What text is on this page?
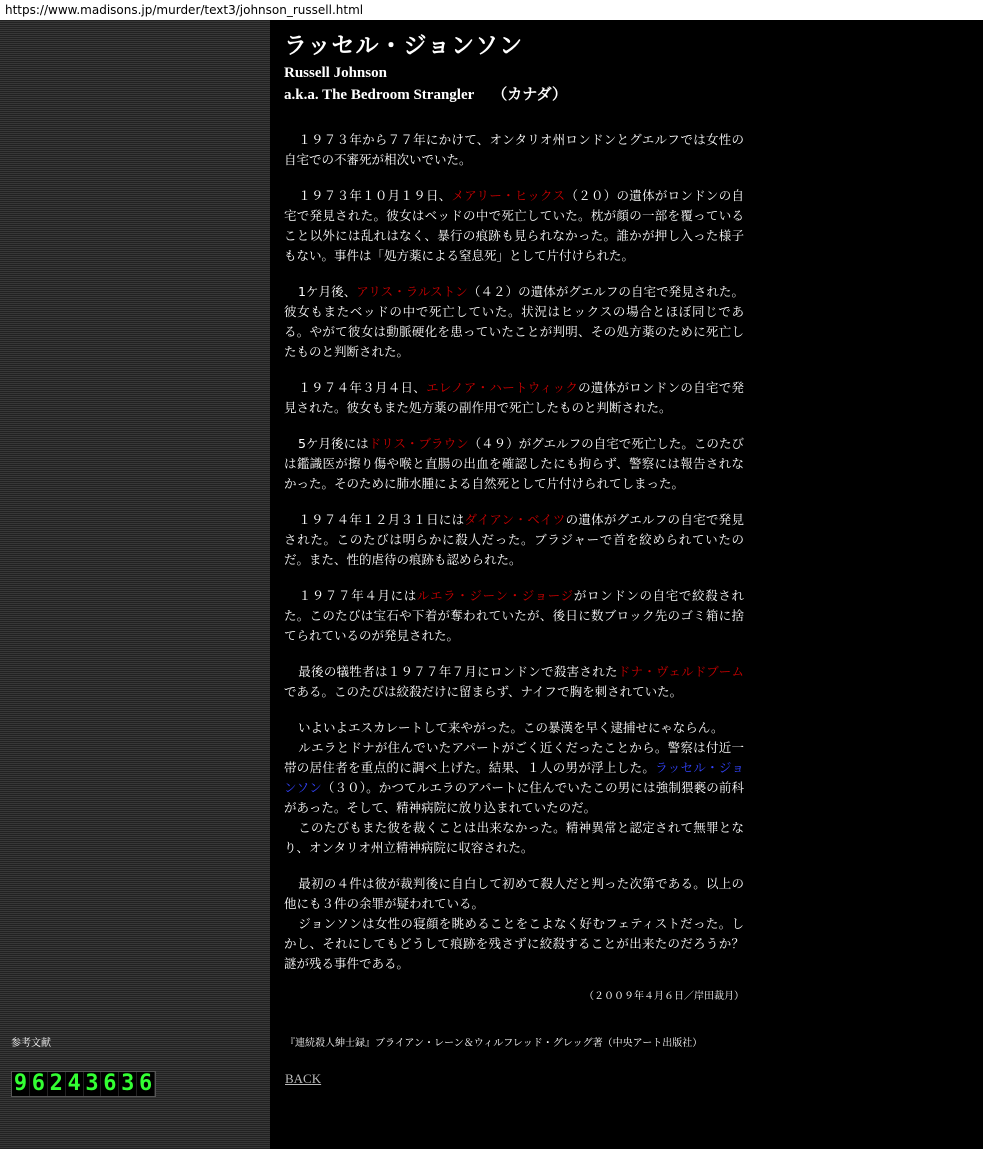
https://www.madisons.jp/murder/text3/johnson_russell.html
ラッセル・ジョンソン

Russell Johnson

a.k.a. The Bedroom Strangler （カナダ）

１９７３年から７７年にかけて、オンタリオ州ロンドンとグエルフでは女性の自宅での不審死が相次いでいた。

１９７３年１０月１９日、メアリー・ヒックス（２０）の遺体がロンドンの自宅で発見された。彼女はベッドの中で死亡していた。枕が顔の一部を覆っていること以外には乱れはなく、暴行の痕跡も見られなかった。誰かが押し入った様子もない。事件は「処方薬による窒息死」として片付けられた。

1ケ月後、アリス・ラルストン（４２）の遺体がグエルフの自宅で発見された。彼女もまたベッドの中で死亡していた。状況はヒックスの場合とほぼ同じである。やがて彼女は動脈硬化を患っていたことが判明、その処方薬のために死亡したものと判断された。

１９７４年３月４日、エレノア・ハートウィックの遺体がロンドンの自宅で発見された。彼女もまた処方薬の副作用で死亡したものと判断された。

5ケ月後にはドリス・ブラウン（４９）がグエルフの自宅で死亡した。このたびは鑑識医が擦り傷や喉と直腸の出血を確認したにも拘らず、警察には報告されなかった。そのために肺水腫による自然死として片付けられてしまった。

１９７４年１２月３１日にはダイアン・ベイツの遺体がグエルフの自宅で発見された。このたびは明らかに殺人だった。ブラジャーで首を絞められていたのだ。また、性的虐待の痕跡も認められた。

１９７７年４月にはルエラ・ジーン・ジョージがロンドンの自宅で絞殺された。このたびは宝石や下着が奪われていたが、後日に数ブロック先のゴミ箱に捨てられているのが発見された。

最後の犠牲者は１９７７年７月にロンドンで殺害されたドナ・ヴェルドブームである。このたびは絞殺だけに留まらず、ナイフで胸を刺されていた。

いよいよエスカレートして来やがった。この暴漢を早く逮捕せにゃならん。
ルエラとドナが住んでいたアパートがごく近くだったことから。警察は付近一帯の居住者を重点的に調べ上げた。結果、１人の男が浮上した。ラッセル・ジョンソン（３０）。かつてルエラのアパートに住んでいたこの男には強制猥褻の前科があった。そして、精神病院に放り込まれていたのだ。
このたびもまた彼を裁くことは出来なかった。精神異常と認定されて無罪となり、オンタリオ州立精神病院に収容された。

最初の４件は彼が裁判後に自白して初めて殺人だと判った次第である。以上の他にも３件の余罪が疑われている。
ジョンソンは女性の寝顔を眺めることをこよなく好むフェティストだった。しかし、それにしてもどうして痕跡を残さずに絞殺することが出来たのだろうか？　謎が残る事件である。

（２００９年４月６日／岸田裁月）

参考文献	『連続殺人紳士録』ブライアン・レーン＆ウィルフレッド・グレッグ著（中央アート出版社）
9 6 2 4 3 6 3 6	BACK
